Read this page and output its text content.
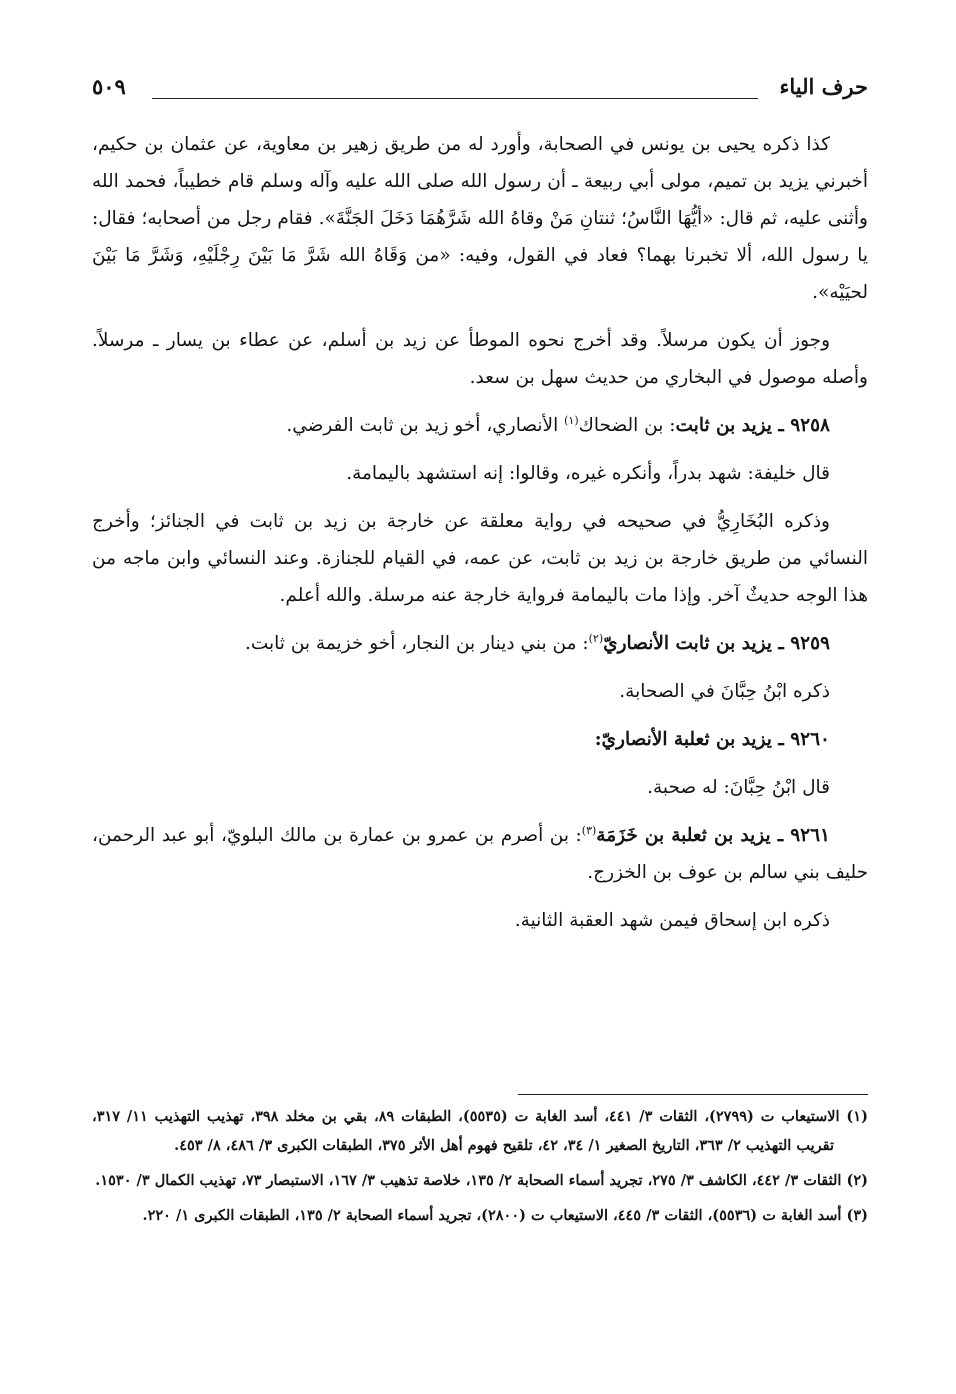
حرف الياء
٥٠٩

كذا ذكره يحيى بن يونس في الصحابة، وأورد له من طريق زهير بن معاوية، عن عثمان بن حكيم، أخبرني يزيد بن تميم، مولى أبي ربيعة ـ أن رسول الله صلى الله عليه وآله وسلم قام خطيباً، فحمد الله وأثنى عليه، ثم قال: «أيُّهَا النَّاسُ؛ ثنتانِ مَنْ وقاهُ الله شَرَّهُمَا دَخَلَ الجَنَّةَ». فقام رجل من أصحابه؛ فقال: يا رسول الله، ألا تخبرنا بهما؟ فعاد في القول، وفيه: «من وَقَاهُ الله شَرَّ مَا بَيْنَ رِجْلَيْهِ، وَشَرَّ مَا بَيْنَ لحيَيْه».

وجوز أن يكون مرسلاً. وقد أخرج نحوه الموطأ عن زيد بن أسلم، عن عطاء بن يسار ـ مرسلاً. وأصله موصول في البخاري من حديث سهل بن سعد.

٩٢٥٨ ـ يزيد بن ثابت: بن الضحاك$^{(١)}$ الأنصاري، أخو زيد بن ثابت الفرضي.

قال خليفة: شهد بدراً، وأنكره غيره، وقالوا: إنه استشهد باليمامة.

وذكره البُخَارِيُّ في صحيحه في رواية معلقة عن خارجة بن زيد بن ثابت في الجنائز؛ وأخرج النسائي من طريق خارجة بن زيد بن ثابت، عن عمه، في القيام للجنازة. وعند النسائي وابن ماجه من هذا الوجه حديثٌ آخر. وإذا مات باليمامة فرواية خارجة عنه مرسلة. والله أعلم.

٩٢٥٩ ـ يزيد بن ثابت الأنصاريّ$^{(٢)}$: من بني دينار بن النجار، أخو خزيمة بن ثابت.

ذكره ابْنُ حِبَّانَ في الصحابة.

٩٢٦٠ ـ يزيد بن ثعلبة الأنصاريّ:

قال ابْنُ حِبَّانَ: له صحبة.

٩٢٦١ ـ يزيد بن ثعلبة بن خَزَمَة$^{(٣)}$: بن أصرم بن عمرو بن عمارة بن مالك البلويّ، أبو عبد الرحمن، حليف بني سالم بن عوف بن الخزرج.

ذكره ابن إسحاق فيمن شهد العقبة الثانية.

(١) الاستيعاب ت (٢٧٩٩)، الثقات ٣/ ٤٤١، أسد الغابة ت (٥٥٣٥)، الطبقات ٨٩، بقي بن مخلد ٣٩٨، تهذيب التهذيب ١١/ ٣١٧، تقريب التهذيب ٢/ ٣٦٣، التاريخ الصغير ١/ ٣٤، ٤٢، تلقيح فهوم أهل الأثر ٣٧٥، الطبقات الكبرى ٣/ ٤٨٦، ٨/ ٤٥٣.

(٢) الثقات ٣/ ٤٤٢، الكاشف ٣/ ٢٧٥، تجريد أسماء الصحابة ٢/ ١٣٥، خلاصة تذهيب ٣/ ١٦٧، الاستبصار ٧٣، تهذيب الكمال ٣/ ١٥٣٠.

(٣) أسد الغابة ت (٥٥٣٦)، الثقات ٣/ ٤٤٥، الاستيعاب ت (٢٨٠٠)، تجريد أسماء الصحابة ٢/ ١٣٥، الطبقات الكبرى ١/ ٢٢٠.
